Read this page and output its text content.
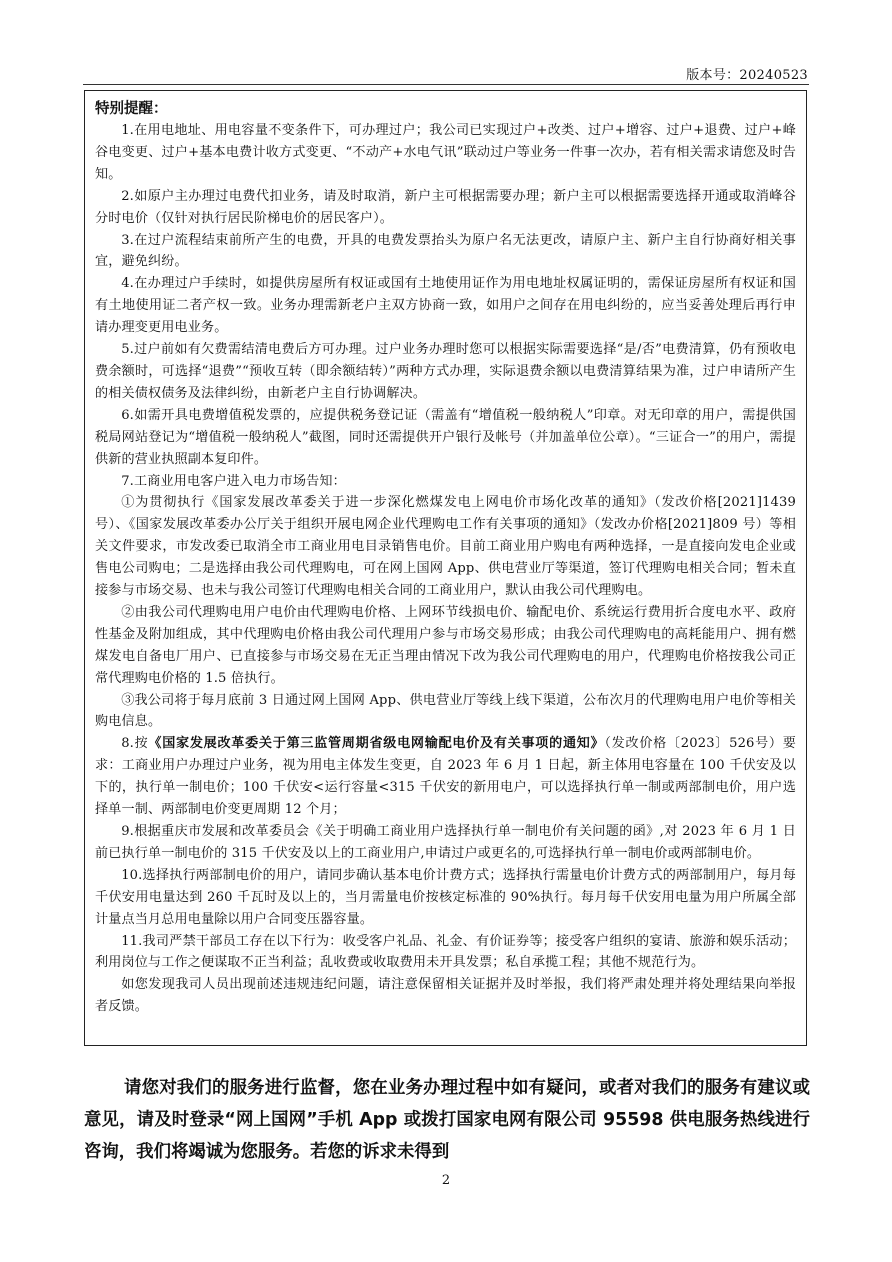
版本号：20240523
特别提醒：

1.在用电地址、用电容量不变条件下，可办理过户；我公司已实现过户+改类、过户+增容、过户+退费、过户+峰谷电变更、过户+基本电费计收方式变更、“不动产+水电气讯”联动过户等业务一件事一次办，若有相关需求请您及时告知。

2.如原户主办理过电费代扣业务，请及时取消，新户主可根据需要办理；新户主可以根据需要选择开通或取消峰谷分时电价（仅针对执行居民阶梯电价的居民客户）。

3.在过户流程结束前所产生的电费，开具的电费发票抬头为原户名无法更改，请原户主、新户主自行协商好相关事宜，避免纠纷。

4.在办理过户手续时，如提供房屋所有权证或国有土地使用证作为用电地址权属证明的，需保证房屋所有权证和国有土地使用证二者产权一致。业务办理需新老户主双方协商一致，如用户之间存在用电纠纷的，应当妥善处理后再行申请办理变更用电业务。

5.过户前如有欠费需结清电费后方可办理。过户业务办理时您可以根据实际需要选择“是/否”电费清算，仍有预收电费余额时，可选择“退费”“预收互转（即余额结转）”两种方式办理，实际退费余额以电费清算结果为准，过户申请所产生的相关债权债务及法律纠纷，由新老户主自行协调解决。

6.如需开具电费增值税发票的，应提供税务登记证（需盖有“增值税一般纳税人”印章。对无印章的用户，需提供国税局网站登记为“增值税一般纳税人”截图，同时还需提供开户银行及帐号（并加盖单位公章）。“三证合一”的用户，需提供新的营业执照副本复印件。

7.工商业用电客户进入电力市场告知：

①为贯彻执行《国家发展改革委关于进一步深化燃煤发电上网电价市场化改革的通知》（发改价格[2021]1439 号）、《国家发展改革委办公厅关于组织开展电网企业代理购电工作有关事项的通知》（发改办价格[2021]809 号）等相关文件要求，市发改委已取消全市工商业用电目录销售电价。目前工商业用户购电有两种选择，一是直接向发电企业或售电公司购电；二是选择由我公司代理购电，可在网上国网 App、供电营业厅等渠道，签订代理购电相关合同；暂未直接参与市场交易、也未与我公司签订代理购电相关合同的工商业用户，默认由我公司代理购电。

②由我公司代理购电用户电价由代理购电价格、上网环节线损电价、输配电价、系统运行费用折合度电水平、政府性基金及附加组成，其中代理购电价格由我公司代理用户参与市场交易形成；由我公司代理购电的高耗能用户、拥有燃煤发电自备电厂用户、已直接参与市场交易在无正当理由情况下改为我公司代理购电的用户，代理购电价格按我公司正常代理购电价格的 1.5 倍执行。

③我公司将于每月底前 3 日通过网上国网 App、供电营业厅等线上线下渠道，公布次月的代理购电用户电价等相关购电信息。

8.按《国家发展改革委关于第三监管周期省级电网输配电价及有关事项的通知》（发改价格〔2023〕526号）要求：工商业用户办理过户业务，视为用电主体发生变更，自 2023 年 6 月 1 日起，新主体用电容量在 100 千伏安及以下的，执行单一制电价；100 千伏安<运行容量<315 千伏安的新用电户，可以选择执行单一制或两部制电价，用户选择单一制、两部制电价变更周期 12 个月；

9.根据重庆市发展和改革委员会《关于明确工商业用户选择执行单一制电价有关问题的函》,对 2023 年 6 月 1 日前已执行单一制电价的 315 千伏安及以上的工商业用户,申请过户或更名的,可选择执行单一制电价或两部制电价。

10.选择执行两部制电价的用户，请同步确认基本电价计费方式；选择执行需量电价计费方式的两部制用户，每月每千伏安用电量达到 260 千瓦时及以上的，当月需量电价按核定标准的 90%执行。每月每千伏安用电量为用户所属全部计量点当月总用电量除以用户合同变压器容量。

11.我司严禁干部员工存在以下行为：收受客户礼品、礼金、有价证券等；接受客户组织的宴请、旅游和娱乐活动；利用岗位与工作之便谋取不正当利益；乱收费或收取费用未开具发票；私自承揽工程；其他不规范行为。

如您发现我司人员出现前述违规违纪问题，请注意保留相关证据并及时举报，我们将严肃处理并将处理结果向举报者反馈。

请您对我们的服务进行监督，您在业务办理过程中如有疑问，或者对我们的服务有建议或意见，请及时登录“网上国网”手机 App 或拨打国家电网有限公司 95598 供电服务热线进行咨询，我们将竭诚为您服务。若您的诉求未得到

2
